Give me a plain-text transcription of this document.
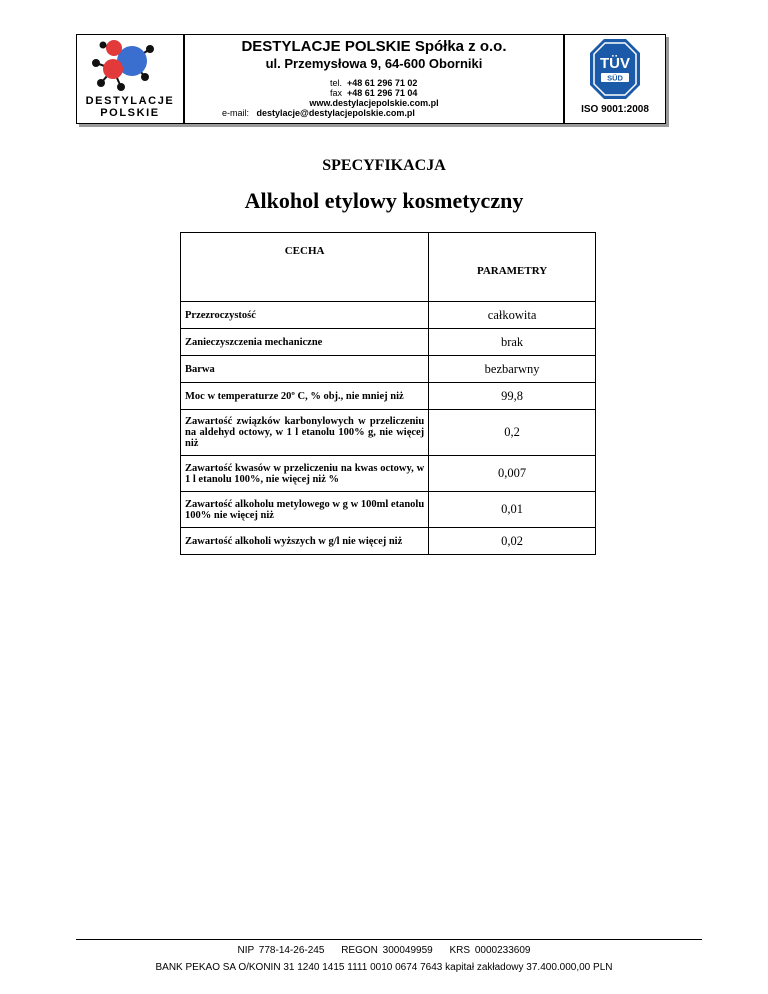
DESTYLACJE
POLSKIE
DESTYLACJE POLSKIE Spółka z o.o.
ul. Przemysłowa 9, 64-600 Oborniki
tel. +48 61 296 71 02
fax +48 61 296 71 04
www.destylacjepolskie.com.pl
e-mail: destylacje@destylacjepolskie.com.pl
TÜV
SÜD
ISO 9001:2008
SPECYFIKACJA
Alkohol etylowy kosmetyczny
CECHA	PARAMETRY
Przezroczystość	całkowita
Zanieczyszczenia mechaniczne	brak
Barwa	bezbarwny
Moc w temperaturze 20º C, % obj., nie mniej niż	99,8
Zawartość związków karbonylowych w przeliczeniu na aldehyd octowy, w 1 l etanolu 100% g, nie więcej niż	0,2
Zawartość kwasów w przeliczeniu na kwas octowy, w 1 l etanolu 100%, nie więcej niż %	0,007
Zawartość alkoholu metylowego w g w 100ml etanolu 100% nie więcej niż	0,01
Zawartość alkoholi wyższych w g/l nie więcej niż	0,02
NIP 778-14-26-245 REGON 300049959 KRS 0000233609
BANK PEKAO SA O/KONIN 31 1240 1415 1111 0010 0674 7643 kapitał zakładowy 37.400.000,00 PLN
